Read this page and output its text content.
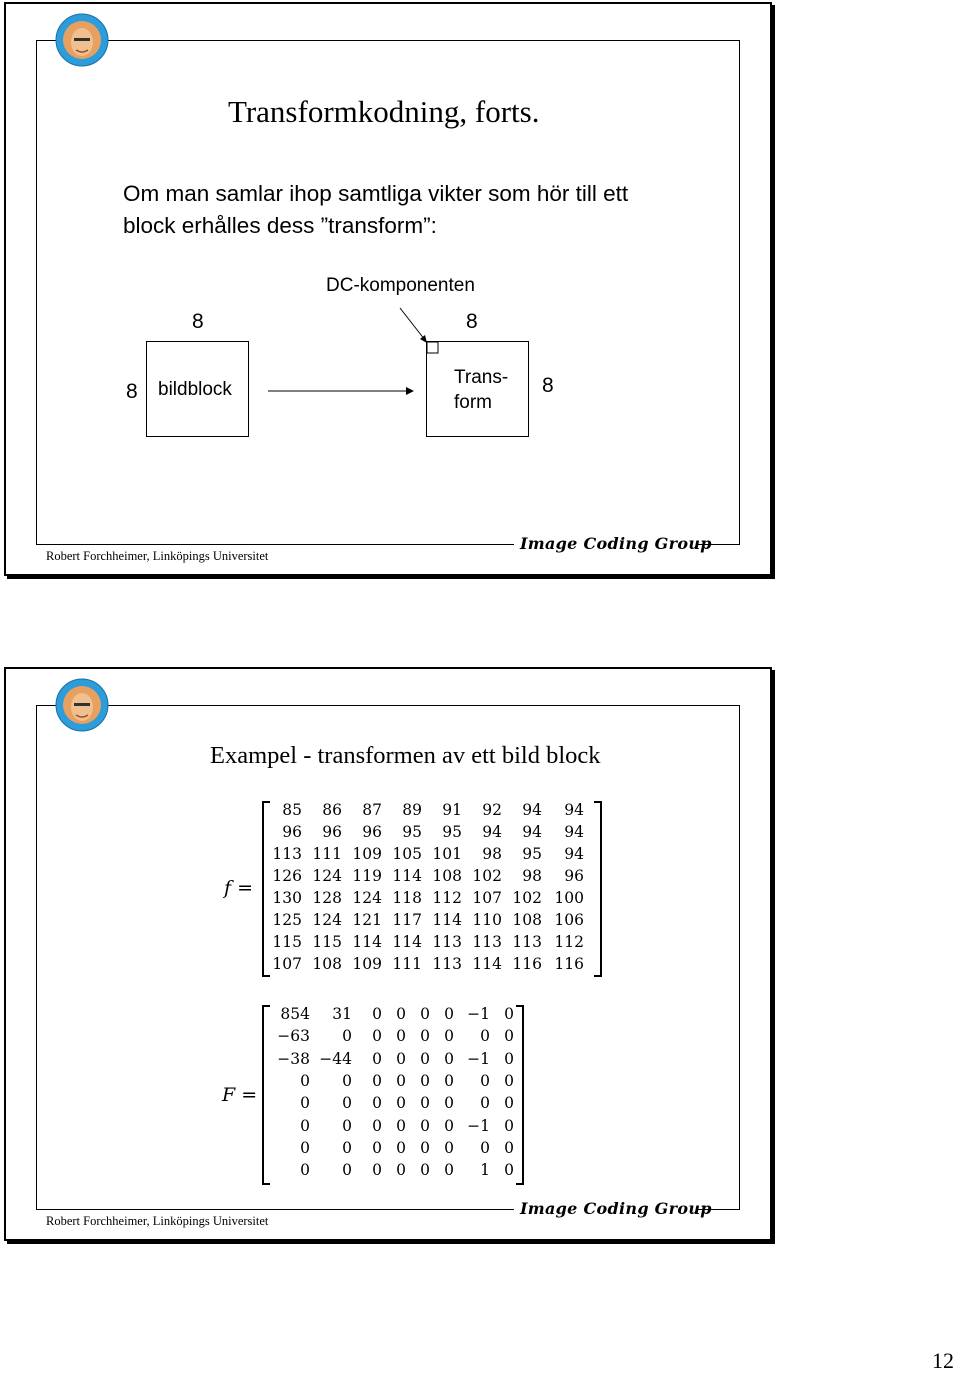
Transformkodning, forts.
Om man samlar ihop samtliga vikter som hör till ett
block erhålles dess ”transform”:
DC-komponenten
8
8 bildblock
8
Trans-
form
8
Robert Forchheimer, Linköpings Universitet
Image Coding Group
Exampel - transformen av ett bild block
f =
85 86 87 89 91 92 94 94
96 96 96 95 95 94 94 94
113 111 109 105 101 98 95 94
126 124 119 114 108 102 98 96
130 128 124 118 112 107 102 100
125 124 121 117 114 110 108 106
115 115 114 114 113 113 113 112
107 108 109 111 113 114 116 116
F =
854 31 0 0 0 0 −1 0
−63 0 0 0 0 0 0 0
−38 −44 0 0 0 0 −1 0
0 0 0 0 0 0 0 0
0 0 0 0 0 0 0 0
0 0 0 0 0 0 −1 0
0 0 0 0 0 0 0 0
0 0 0 0 0 0 1 0
Robert Forchheimer, Linköpings Universitet
Image Coding Group
12
